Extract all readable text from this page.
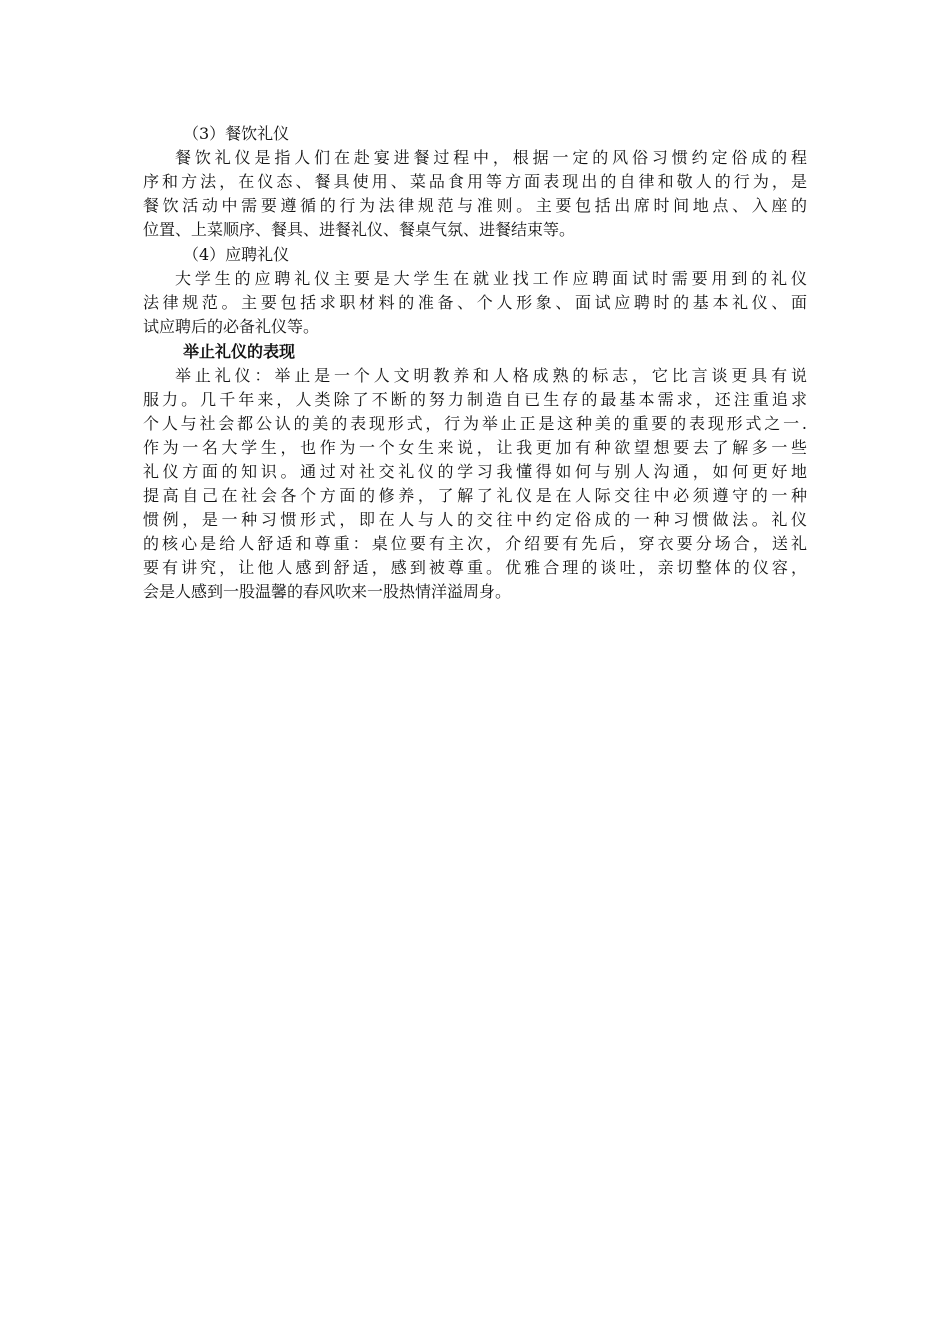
（3）餐饮礼仪
餐饮礼仪是指人们在赴宴进餐过程中，根据一定的风俗习惯约定俗成的程
序和方法，在仪态、餐具使用、菜品食用等方面表现出的自律和敬人的行为，是
餐饮活动中需要遵循的行为法律规范与准则。主要包括出席时间地点、入座的
位置、上菜顺序、餐具、进餐礼仪、餐桌气氛、进餐结束等。
（4）应聘礼仪
大学生的应聘礼仪主要是大学生在就业找工作应聘面试时需要用到的礼仪
法律规范。主要包括求职材料的准备、个人形象、面试应聘时的基本礼仪、面
试应聘后的必备礼仪等。
举止礼仪的表现
举止礼仪：举止是一个人文明教养和人格成熟的标志，它比言谈更具有说
服力。几千年来，人类除了不断的努力制造自已生存的最基本需求，还注重追求
个人与社会都公认的美的表现形式，行为举止正是这种美的重要的表现形式之一.
作为一名大学生，也作为一个女生来说，让我更加有种欲望想要去了解多一些
礼仪方面的知识。通过对社交礼仪的学习我懂得如何与别人沟通，如何更好地
提高自己在社会各个方面的修养，了解了礼仪是在人际交往中必须遵守的一种
惯例，是一种习惯形式，即在人与人的交往中约定俗成的一种习惯做法。礼仪
的核心是给人舒适和尊重：桌位要有主次，介绍要有先后，穿衣要分场合，送礼
要有讲究，让他人感到舒适，感到被尊重。优雅合理的谈吐，亲切整体的仪容，
会是人感到一股温馨的春风吹来一股热情洋溢周身。
